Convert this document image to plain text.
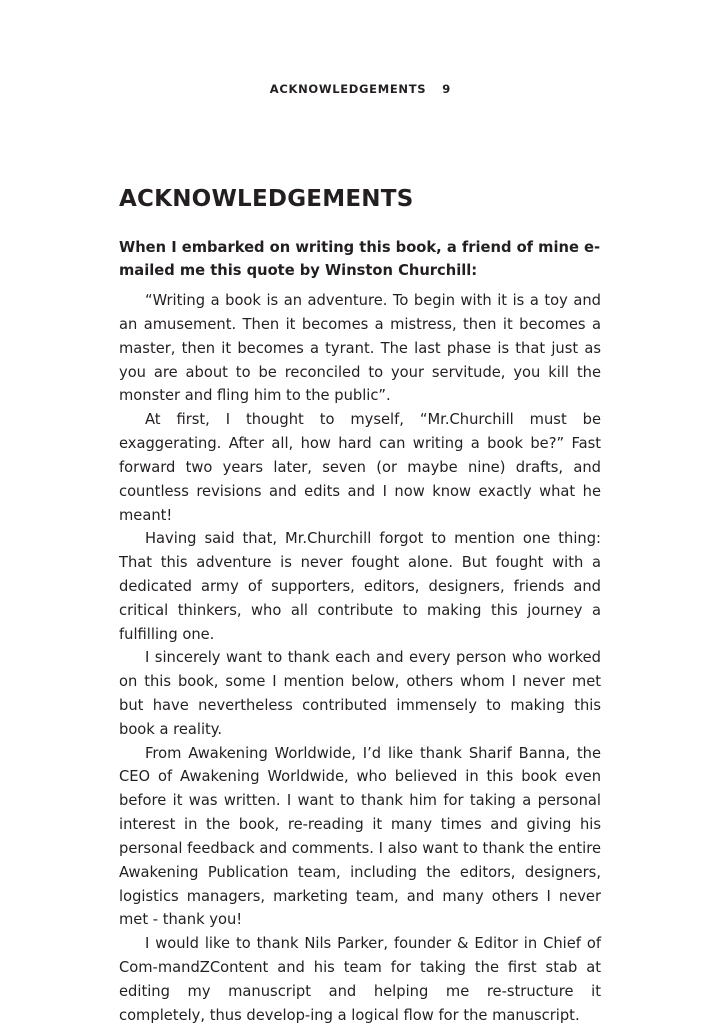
ACKNOWLEDGEMENTS 9
ACKNOWLEDGEMENTS

When I embarked on writing this book, a friend of mine e-mailed me this quote by Winston Churchill:

“Writing a book is an adventure. To begin with it is a toy and an amusement. Then it becomes a mistress, then it becomes a master, then it becomes a tyrant. The last phase is that just as you are about to be reconciled to your servitude, you kill the monster and fling him to the public”.

At first, I thought to myself, “Mr.Churchill must be exaggerating. After all, how hard can writing a book be?” Fast forward two years later, seven (or maybe nine) drafts, and countless revisions and edits and I now know exactly what he meant!

Having said that, Mr.Churchill forgot to mention one thing: That this adventure is never fought alone. But fought with a dedicated army of supporters, editors, designers, friends and critical thinkers, who all contribute to making this journey a fulfilling one.

I sincerely want to thank each and every person who worked on this book, some I mention below, others whom I never met but have nevertheless contributed immensely to making this book a reality.

From Awakening Worldwide, I’d like thank Sharif Banna, the CEO of Awakening Worldwide, who believed in this book even before it was written. I want to thank him for taking a personal interest in the book, re-reading it many times and giving his personal feedback and comments. I also want to thank the entire Awakening Publication team, including the editors, designers, logistics managers, marketing team, and many others I never met - thank you!

I would like to thank Nils Parker, founder & Editor in Chief of Com-mandZContent and his team for taking the first stab at editing my manuscript and helping me re-structure it completely, thus develop-ing a logical flow for the manuscript.
